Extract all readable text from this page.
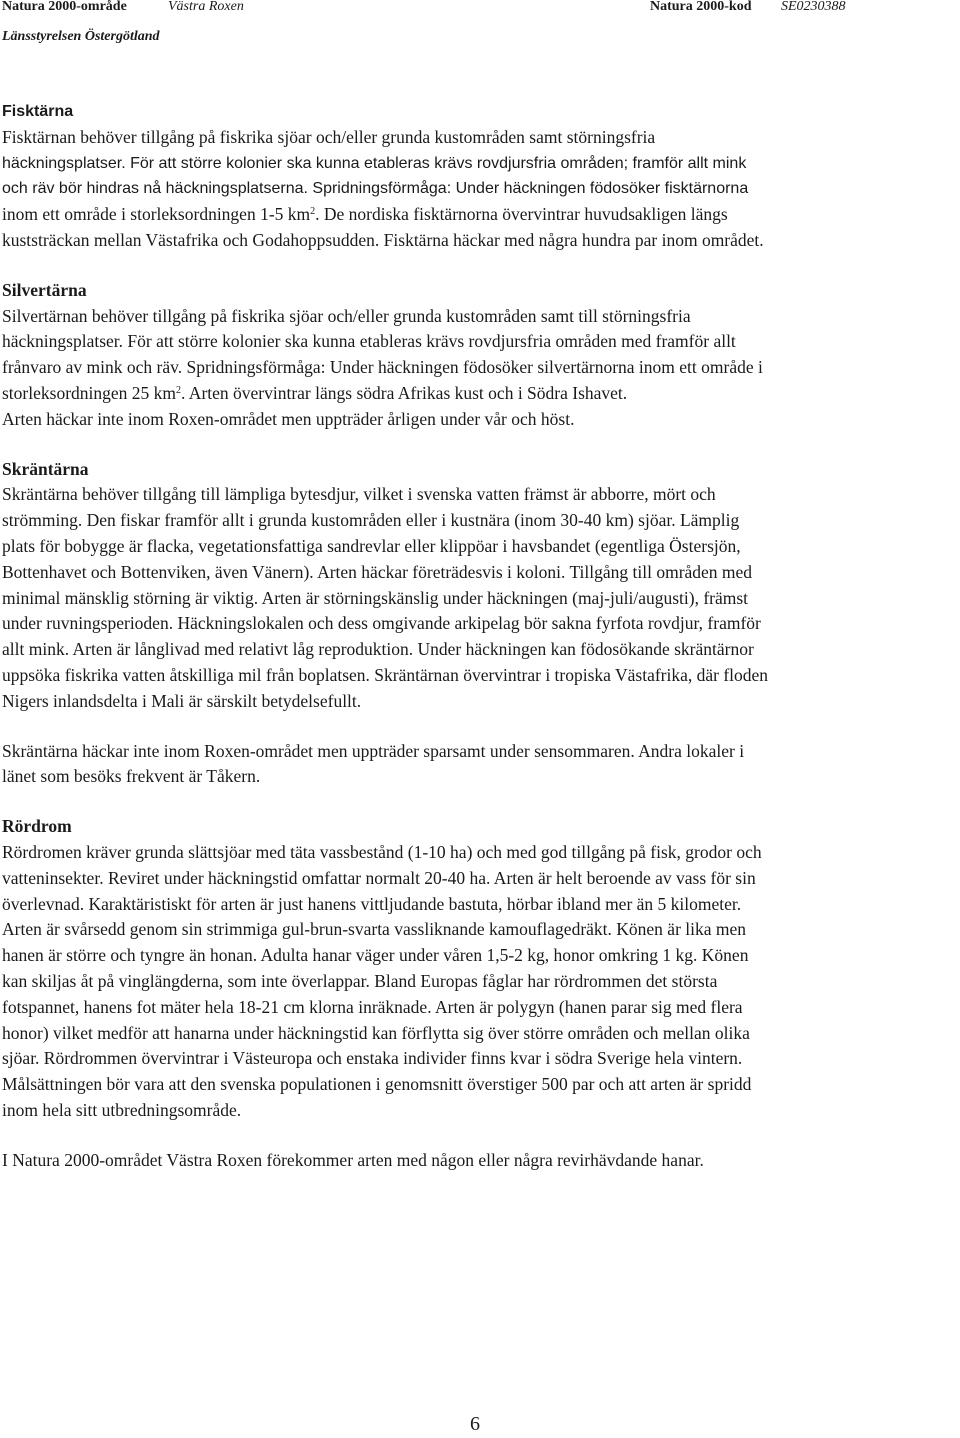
Natura 2000-område	Västra Roxen	Natura 2000-kod SE0230388
Länsstyrelsen Östergötland
Fisktärna
Fisktärnan behöver tillgång på fiskrika sjöar och/eller grunda kustområden samt störningsfria
häckningsplatser. För att större kolonier ska kunna etableras krävs rovdjursfria områden; framför allt mink
och räv bör hindras nå häckningsplatserna. Spridningsförmåga: Under häckningen födosöker fisktärnorna
inom ett område i storleksordningen 1-5 $km^2$. De nordiska fisktärnorna övervintrar huvudsakligen längs
kuststräckan mellan Västafrika och Godahoppsudden. Fisktärna häckar med några hundra par inom området.
Silvertärna
Silvertärnan behöver tillgång på fiskrika sjöar och/eller grunda kustområden samt till störningsfria
häckningsplatser. För att större kolonier ska kunna etableras krävs rovdjursfria områden med framför allt
frånvaro av mink och räv. Spridningsförmåga: Under häckningen födosöker silvertärnorna inom ett område i
storleksordningen 25 $km^2$. Arten övervintrar längs södra Afrikas kust och i Södra Ishavet.
Arten häckar inte inom Roxen-området men uppträder årligen under vår och höst.
Skräntärna
Skräntärna behöver tillgång till lämpliga bytesdjur, vilket i svenska vatten främst är abborre, mört och
strömming. Den fiskar framför allt i grunda kustområden eller i kustnära (inom 30-40 km) sjöar. Lämplig
plats för bobygge är flacka, vegetationsfattiga sandrevlar eller klippöar i havsbandet (egentliga Östersjön,
Bottenhavet och Bottenviken, även Vänern). Arten häckar företrädesvis i koloni. Tillgång till områden med
minimal mänsklig störning är viktig. Arten är störningskänslig under häckningen (maj-juli/augusti), främst
under ruvningsperioden. Häckningslokalen och dess omgivande arkipelag bör sakna fyrfota rovdjur, framför
allt mink. Arten är långlivad med relativt låg reproduktion. Under häckningen kan födosökande skräntärnor
uppsöka fiskrika vatten åtskilliga mil från boplatsen. Skräntärnan övervintrar i tropiska Västafrika, där floden
Nigers inlandsdelta i Mali är särskilt betydelsefullt.
Skräntärna häckar inte inom Roxen-området men uppträder sparsamt under sensommaren. Andra lokaler i
länet som besöks frekvent är Tåkern.
Rördrom
Rördromen kräver grunda slättsjöar med täta vassbestånd (1-10 ha) och med god tillgång på fisk, grodor och
vatteninsekter. Reviret under häckningstid omfattar normalt 20-40 ha. Arten är helt beroende av vass för sin
överlevnad. Karaktäristiskt för arten är just hanens vittljudande bastuta, hörbar ibland mer än 5 kilometer.
Arten är svårsedd genom sin strimmiga gul-brun-svarta vassliknande kamouflagedräkt. Könen är lika men
hanen är större och tyngre än honan. Adulta hanar väger under våren 1,5-2 kg, honor omkring 1 kg. Könen
kan skiljas åt på vinglängderna, som inte överlappar. Bland Europas fåglar har rördrommen det största
fotspannet, hanens fot mäter hela 18-21 cm klorna inräknade. Arten är polygyn (hanen parar sig med flera
honor) vilket medför att hanarna under häckningstid kan förflytta sig över större områden och mellan olika
sjöar. Rördrommen övervintrar i Västeuropa och enstaka individer finns kvar i södra Sverige hela vintern.
Målsättningen bör vara att den svenska populationen i genomsnitt överstiger 500 par och att arten är spridd
inom hela sitt utbredningsområde.
I Natura 2000-området Västra Roxen förekommer arten med någon eller några revirhävdande hanar.
6
